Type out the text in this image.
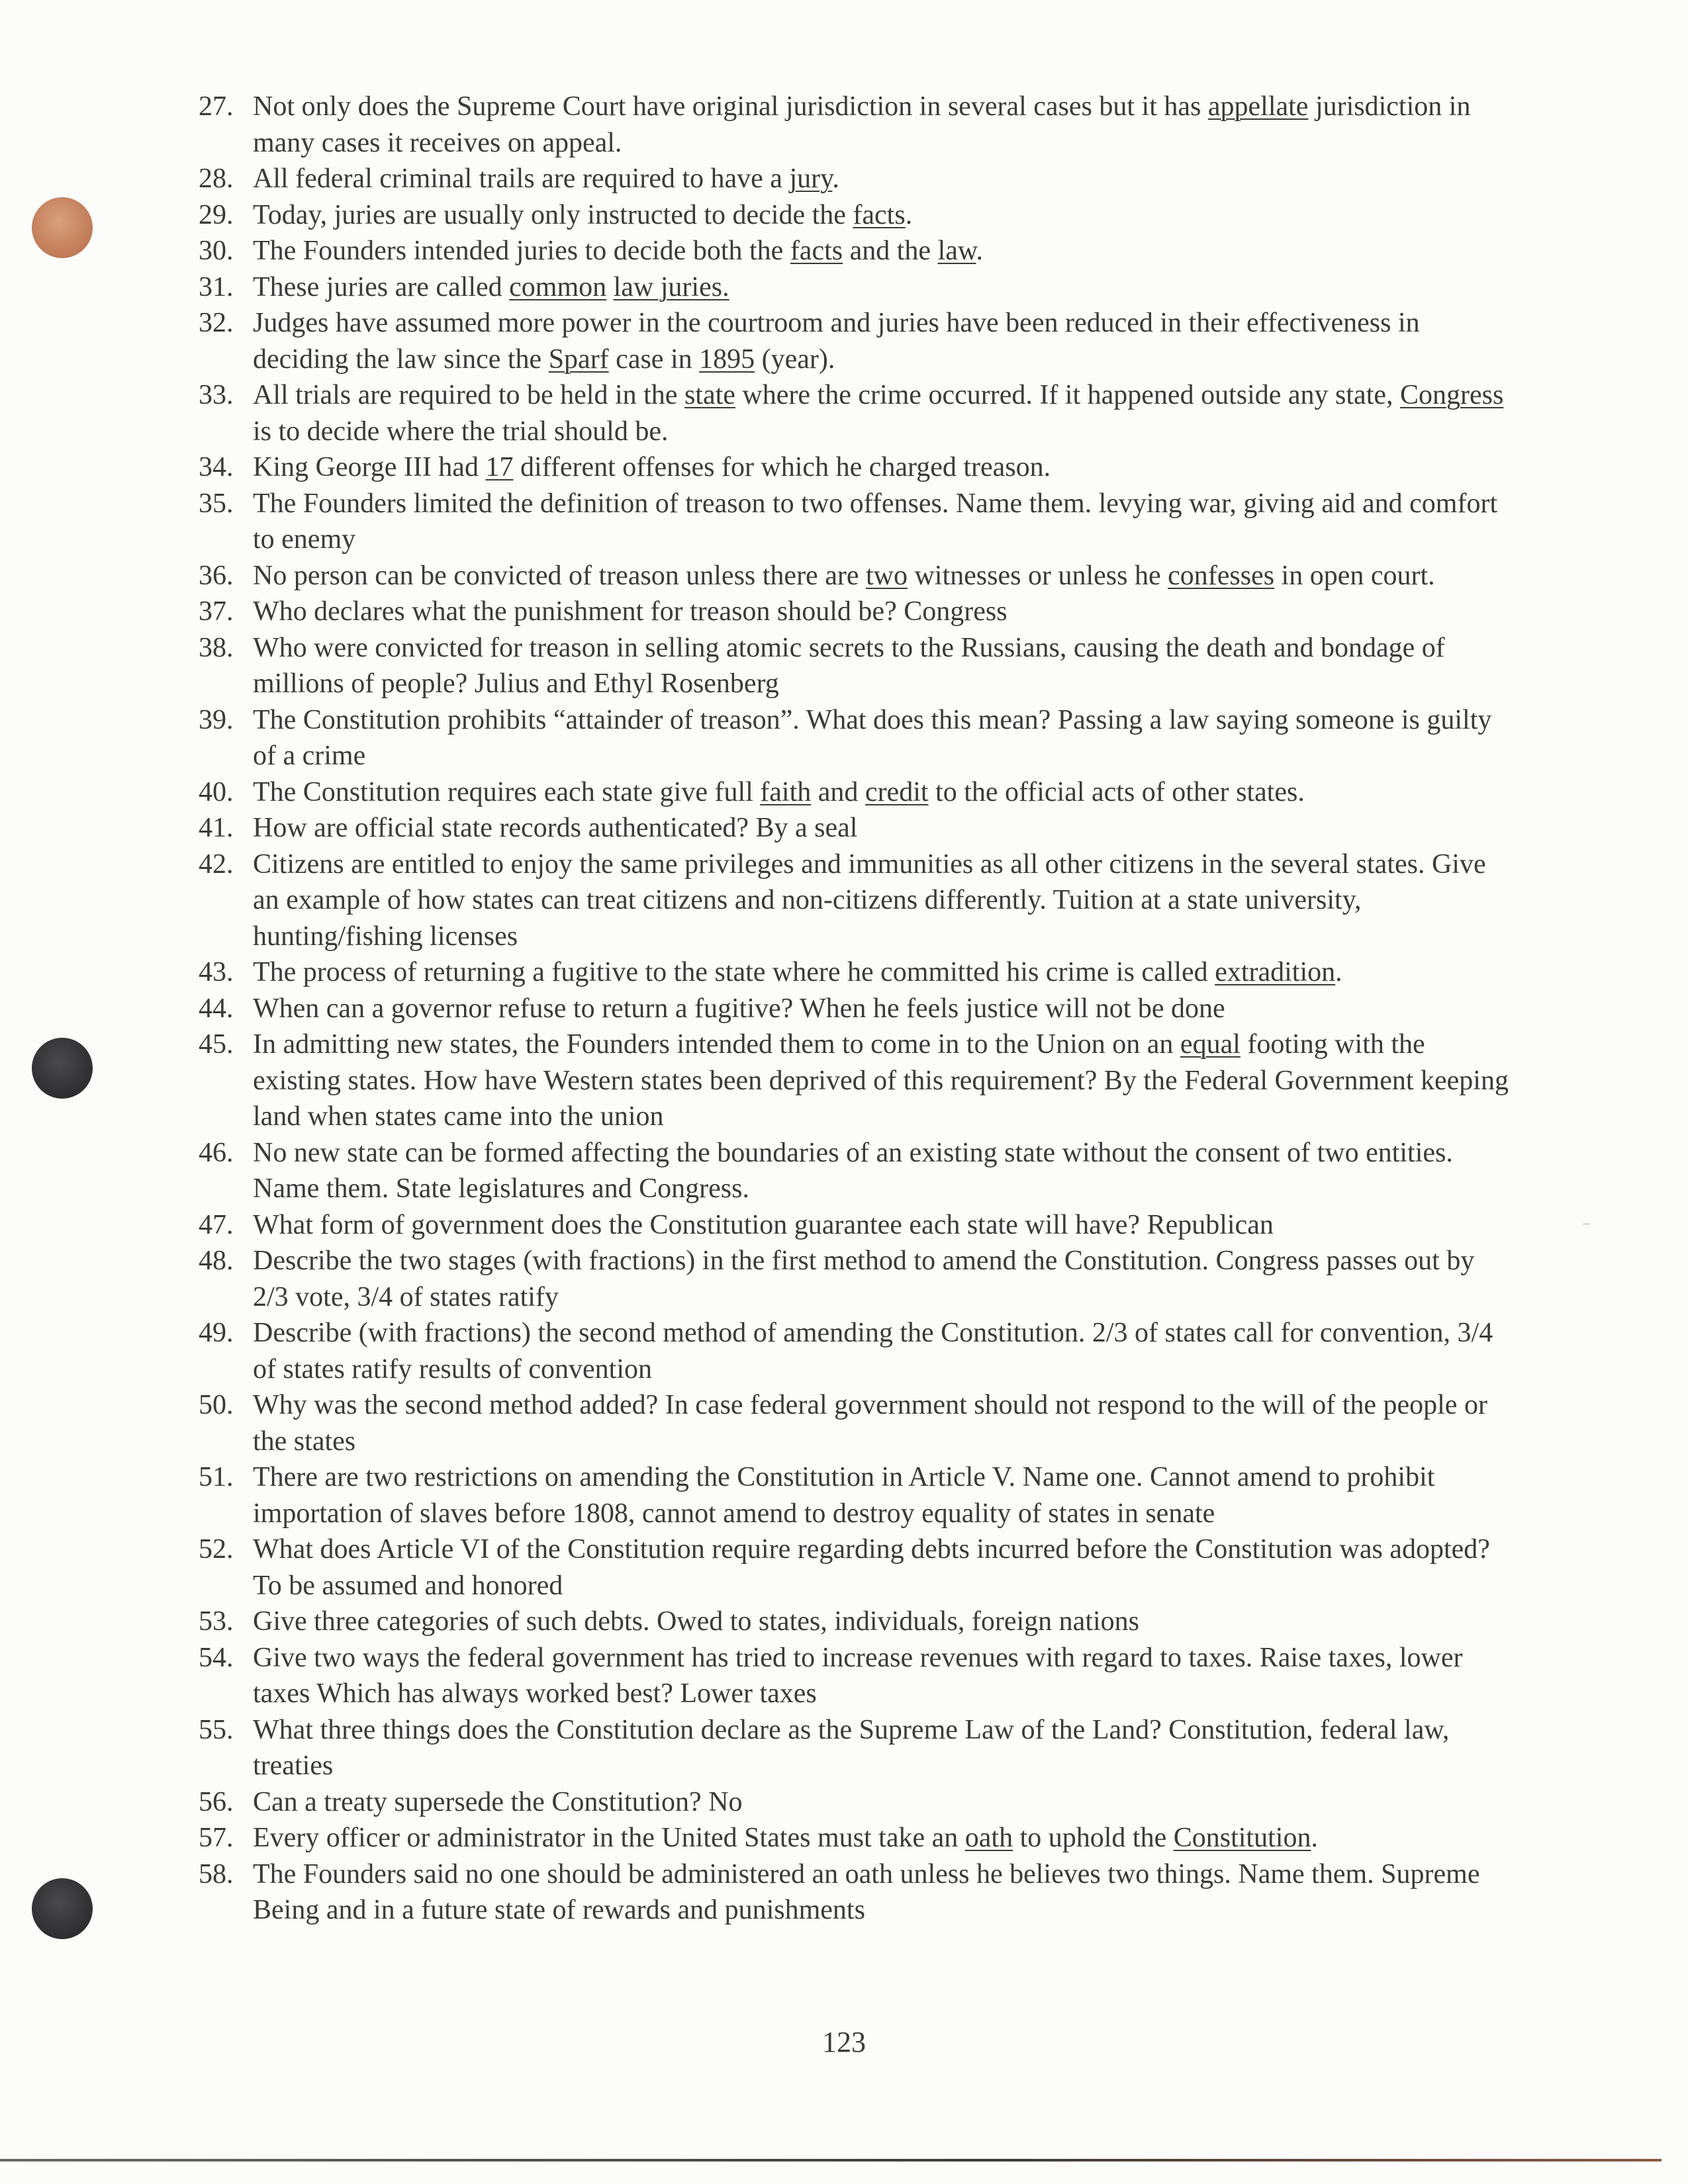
27. Not only does the Supreme Court have original jurisdiction in several cases but it has appellate jurisdiction in many cases it receives on appeal.
28. All federal criminal trails are required to have a jury.
29. Today, juries are usually only instructed to decide the facts.
30. The Founders intended juries to decide both the facts and the law.
31. These juries are called common law juries.
32. Judges have assumed more power in the courtroom and juries have been reduced in their effectiveness in deciding the law since the Sparf case in 1895 (year).
33. All trials are required to be held in the state where the crime occurred. If it happened outside any state, Congress is to decide where the trial should be.
34. King George III had 17 different offenses for which he charged treason.
35. The Founders limited the definition of treason to two offenses. Name them. levying war, giving aid and comfort to enemy
36. No person can be convicted of treason unless there are two witnesses or unless he confesses in open court.
37. Who declares what the punishment for treason should be? Congress
38. Who were convicted for treason in selling atomic secrets to the Russians, causing the death and bondage of millions of people? Julius and Ethyl Rosenberg
39. The Constitution prohibits “attainder of treason”. What does this mean? Passing a law saying someone is guilty of a crime
40. The Constitution requires each state give full faith and credit to the official acts of other states.
41. How are official state records authenticated? By a seal
42. Citizens are entitled to enjoy the same privileges and immunities as all other citizens in the several states. Give an example of how states can treat citizens and non-citizens differently. Tuition at a state university, hunting/fishing licenses
43. The process of returning a fugitive to the state where he committed his crime is called extradition.
44. When can a governor refuse to return a fugitive? When he feels justice will not be done
45. In admitting new states, the Founders intended them to come in to the Union on an equal footing with the existing states. How have Western states been deprived of this requirement? By the Federal Government keeping land when states came into the union
46. No new state can be formed affecting the boundaries of an existing state without the consent of two entities. Name them. State legislatures and Congress.
47. What form of government does the Constitution guarantee each state will have? Republican
48. Describe the two stages (with fractions) in the first method to amend the Constitution. Congress passes out by 2/3 vote, 3/4 of states ratify
49. Describe (with fractions) the second method of amending the Constitution. 2/3 of states call for convention, 3/4 of states ratify results of convention
50. Why was the second method added? In case federal government should not respond to the will of the people or the states
51. There are two restrictions on amending the Constitution in Article V. Name one. Cannot amend to prohibit importation of slaves before 1808, cannot amend to destroy equality of states in senate
52. What does Article VI of the Constitution require regarding debts incurred before the Constitution was adopted? To be assumed and honored
53. Give three categories of such debts. Owed to states, individuals, foreign nations
54. Give two ways the federal government has tried to increase revenues with regard to taxes. Raise taxes, lower taxes Which has always worked best? Lower taxes
55. What three things does the Constitution declare as the Supreme Law of the Land? Constitution, federal law, treaties
56. Can a treaty supersede the Constitution? No
57. Every officer or administrator in the United States must take an oath to uphold the Constitution.
58. The Founders said no one should be administered an oath unless he believes two things. Name them. Supreme Being and in a future state of rewards and punishments
123
